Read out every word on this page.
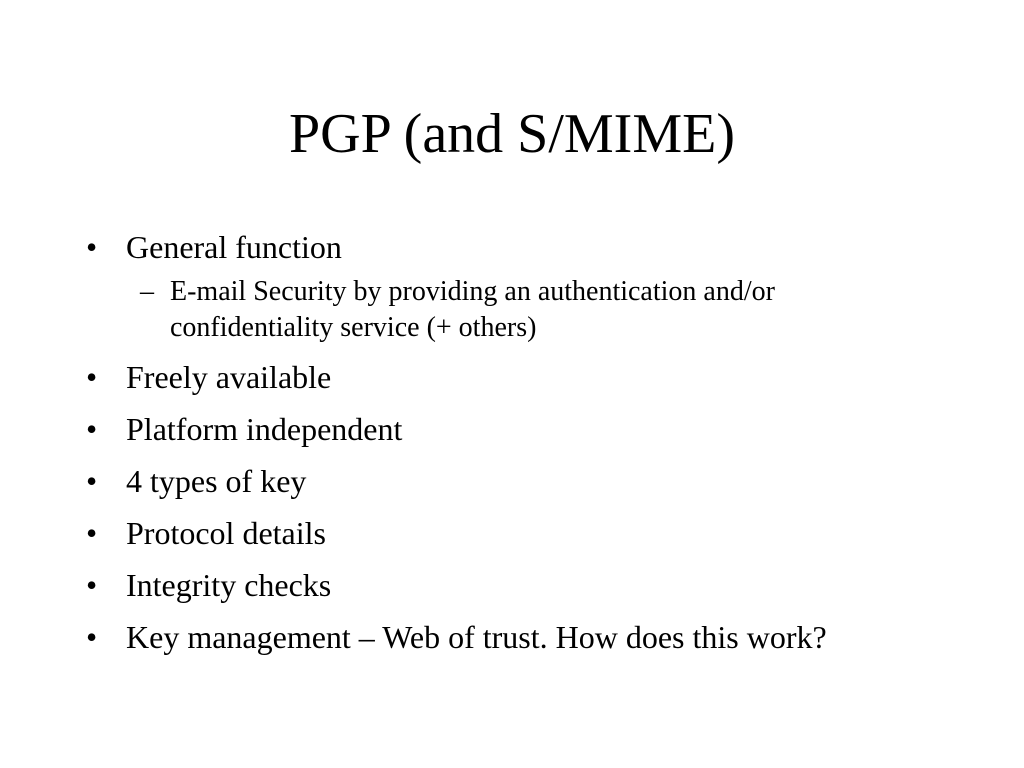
PGP (and S/MIME)
• General function
– E-mail Security by providing an authentication and/or confidentiality service (+ others)
• Freely available
• Platform independent
• 4 types of key
• Protocol details
• Integrity checks
• Key management – Web of trust. How does this work?
